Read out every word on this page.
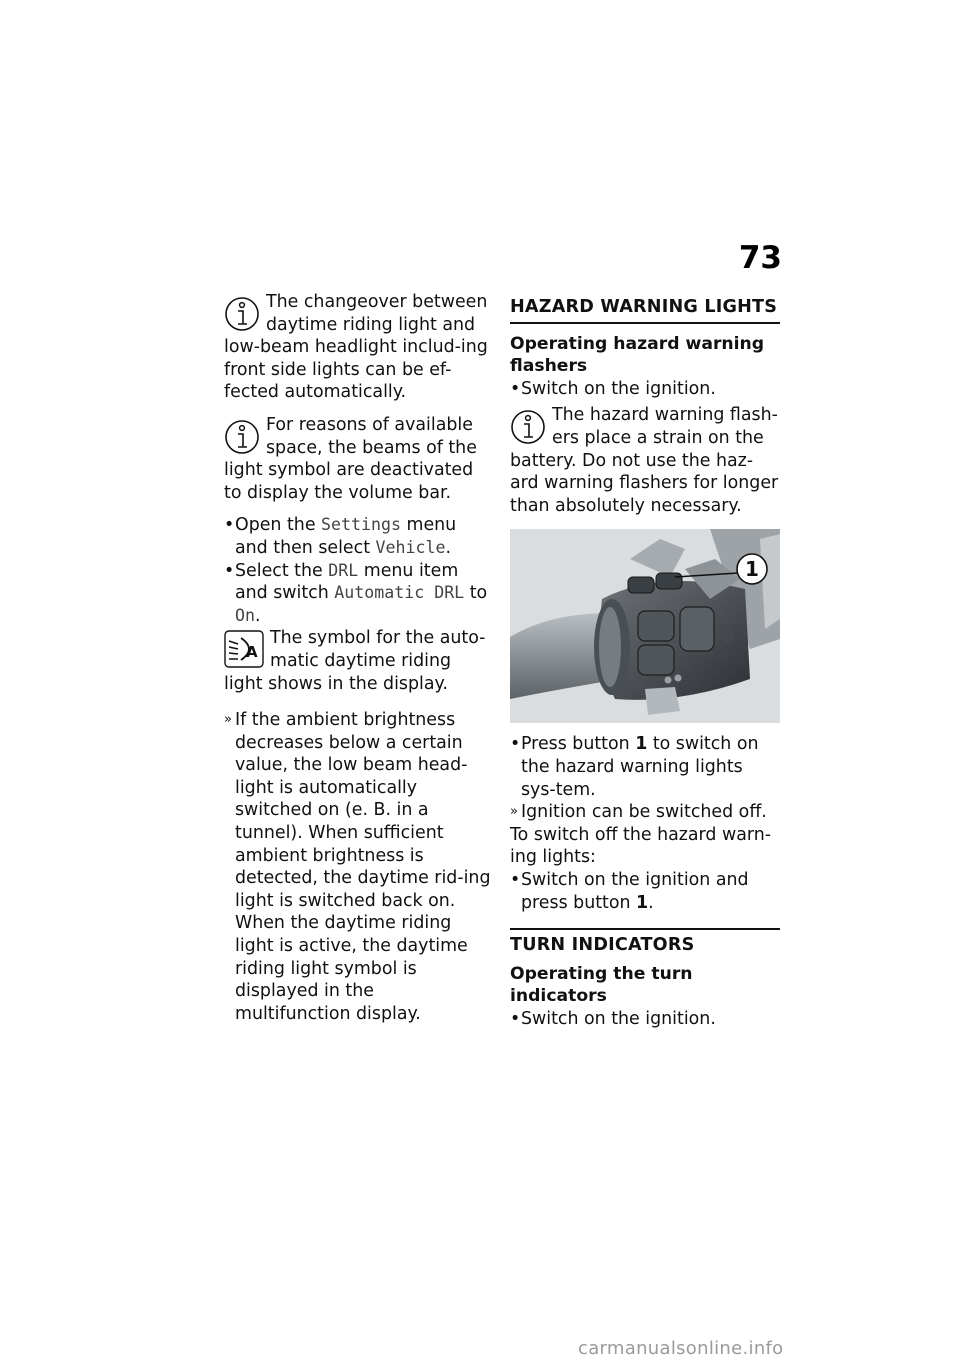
73

The changeover between daytime riding light and low-beam headlight includ-ing front side lights can be ef-fected automatically.

For reasons of available space, the beams of the light symbol are deactivated to display the volume bar.

• Open the Settings menu and then select Vehicle.
• Select the DRL menu item and switch Automatic DRL to On.
A

The symbol for the auto-matic daytime riding light shows in the display.

» If the ambient brightness decreases below a certain value, the low beam head-light is automatically switched on (e. B. in a tunnel). When sufficient ambient brightness is detected, the daytime rid-ing light is switched back on. When the daytime riding light is active, the daytime riding light symbol is displayed in the multifunction display.

HAZARD WARNING LIGHTS
Operating hazard warning flashers
• Switch on the ignition.

The hazard warning flash-ers place a strain on the battery. Do not use the haz-ard warning flashers for longer than absolutely necessary.

1
• Press button 1 to switch on the hazard warning lights sys-tem.
» Ignition can be switched off.

To switch off the hazard warn-ing lights:

• Switch on the ignition and press button 1.
TURN INDICATORS
Operating the turn indicators
• Switch on the ignition.
carmanualsonline.info
